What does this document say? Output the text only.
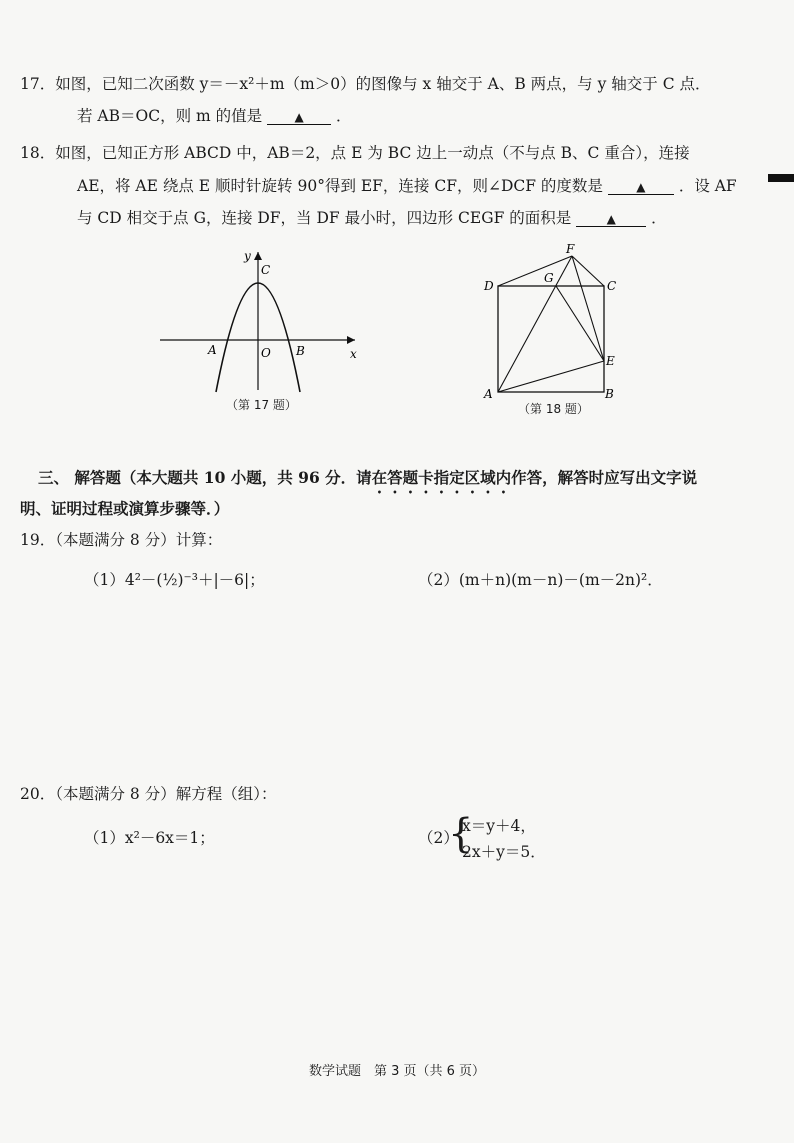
17．如图，已知二次函数 y＝－x²＋m（m＞0）的图像与 x 轴交于 A、B 两点，与 y 轴交于 C 点．
若 AB＝OC，则 m 的值是	▲ ．
18．如图，已知正方形 ABCD 中，AB＝2，点 E 为 BC 边上一动点（不与点 B、C 重合），连接
AE，将 AE 绕点 E 顺时针旋转 90°得到 EF，连接 CF，则∠DCF 的度数是	▲ ．设 AF
与 CD 相交于点 G，连接 DF，当 DF 最小时，四边形 CEGF 的面积是	▲ ．
y
x
C
A	O B
（第 17 题）
F
G
D	C
E
A	B
（第 18 题）
三、 解答题（本大题共 10 小题，共 96 分．请在答题卡指定区域内作答，解答时应写出文字说
明、证明过程或演算步骤等．）
19．（本题满分 8 分）计算：
（1）4²－(½)⁻³＋|－6|；	（2）(m＋n)(m－n)－(m－2n)²．
20．（本题满分 8 分）解方程（组）：
（1）x²－6x＝1；	（2）
{
x＝y＋4，
2x＋y＝5．
数学试题　第 3 页（共 6 页）
